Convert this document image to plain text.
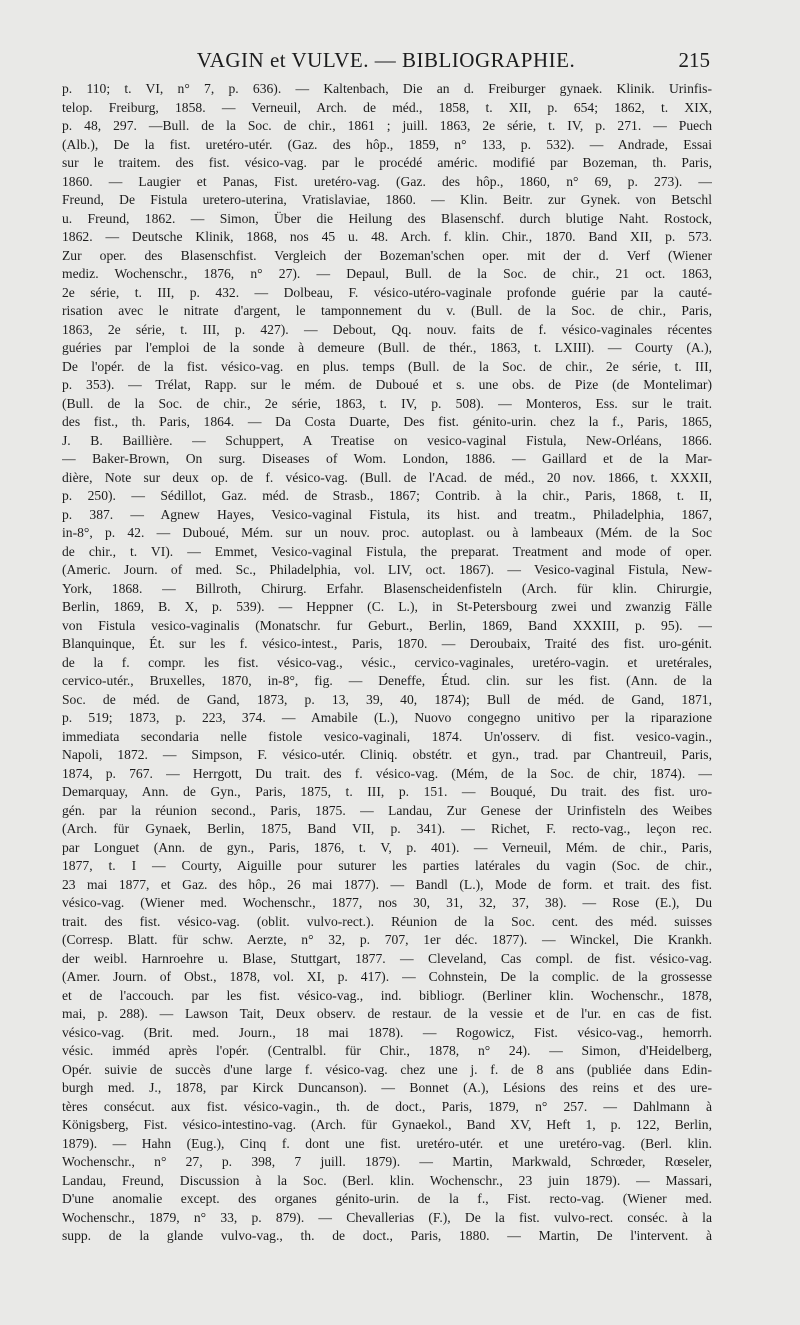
VAGIN et VULVE. — BIBLIOGRAPHIE.	215
p. 110; t. VI, n° 7, p. 636). — Kaltenbach, Die an d. Freiburger gynaek. Klinik. Urinfis-
telop. Freiburg, 1858. — Verneuil, Arch. de méd., 1858, t. XII, p. 654; 1862, t. XIX,
p. 48, 297. —Bull. de la Soc. de chir., 1861 ; juill. 1863, 2e série, t. IV, p. 271. — Puech
(Alb.), De la fist. uretéro-utér. (Gaz. des hôp., 1859, n° 133, p. 532). — Andrade, Essai
sur le traitem. des fist. vésico-vag. par le procédé améric. modifié par Bozeman, th. Paris,
1860. — Laugier et Panas, Fist. uretéro-vag. (Gaz. des hôp., 1860, n° 69, p. 273). —
Freund, De Fistula uretero-uterina, Vratislaviae, 1860. — Klin. Beitr. zur Gynek. von Betschl
u. Freund, 1862. — Simon, Über die Heilung des Blasenschf. durch blutige Naht. Rostock,
1862. — Deutsche Klinik, 1868, nos 45 u. 48. Arch. f. klin. Chir., 1870. Band XII, p. 573.
Zur oper. des Blasenschfist. Vergleich der Bozeman'schen oper. mit der d. Verf (Wiener
mediz. Wochenschr., 1876, n° 27). — Depaul, Bull. de la Soc. de chir., 21 oct. 1863,
2e série, t. III, p. 432. — Dolbeau, F. vésico-utéro-vaginale profonde guérie par la cauté-
risation avec le nitrate d'argent, le tamponnement du v. (Bull. de la Soc. de chir., Paris,
1863, 2e série, t. III, p. 427). — Debout, Qq. nouv. faits de f. vésico-vaginales récentes
guéries par l'emploi de la sonde à demeure (Bull. de thér., 1863, t. LXIII). — Courty (A.),
De l'opér. de la fist. vésico-vag. en plus. temps (Bull. de la Soc. de chir., 2e série, t. III,
p. 353). — Trélat, Rapp. sur le mém. de Duboué et s. une obs. de Pize (de Montelimar)
(Bull. de la Soc. de chir., 2e série, 1863, t. IV, p. 508). — Monteros, Ess. sur le trait.
des fist., th. Paris, 1864. — Da Costa Duarte, Des fist. génito-urin. chez la f., Paris, 1865,
J. B. Baillière. — Schuppert, A Treatise on vesico-vaginal Fistula, New-Orléans, 1866.
— Baker-Brown, On surg. Diseases of Wom. London, 1886. — Gaillard et de la Mar-
dière, Note sur deux op. de f. vésico-vag. (Bull. de l'Acad. de méd., 20 nov. 1866, t. XXXII,
p. 250). — Sédillot, Gaz. méd. de Strasb., 1867; Contrib. à la chir., Paris, 1868, t. II,
p. 387. — Agnew Hayes, Vesico-vaginal Fistula, its hist. and treatm., Philadelphia, 1867,
in-8°, p. 42. — Duboué, Mém. sur un nouv. proc. autoplast. ou à lambeaux (Mém. de la Soc
de chir., t. VI). — Emmet, Vesico-vaginal Fistula, the preparat. Treatment and mode of oper.
(Americ. Journ. of med. Sc., Philadelphia, vol. LIV, oct. 1867). — Vesico-vaginal Fistula, New-
York, 1868. — Billroth, Chirurg. Erfahr. Blasenscheidenfisteln (Arch. für klin. Chirurgie,
Berlin, 1869, B. X, p. 539). — Heppner (C. L.), in St-Petersbourg zwei und zwanzig Fälle
von Fistula vesico-vaginalis (Monatschr. fur Geburt., Berlin, 1869, Band XXXIII, p. 95). —
Blanquinque, Ét. sur les f. vésico-intest., Paris, 1870. — Deroubaix, Traité des fist. uro-génit.
de la f. compr. les fist. vésico-vag., vésic., cervico-vaginales, uretéro-vagin. et uretérales,
cervico-utér., Bruxelles, 1870, in-8°, fig. — Deneffe, Étud. clin. sur les fist. (Ann. de la
Soc. de méd. de Gand, 1873, p. 13, 39, 40, 1874); Bull de méd. de Gand, 1871,
p. 519; 1873, p. 223, 374. — Amabile (L.), Nuovo congegno unitivo per la riparazione
immediata secondaria nelle fistole vesico-vaginali, 1874. Un'osserv. di fist. vesico-vagin.,
Napoli, 1872. — Simpson, F. vésico-utér. Cliniq. obstétr. et gyn., trad. par Chantreuil, Paris,
1874, p. 767. — Herrgott, Du trait. des f. vésico-vag. (Mém, de la Soc. de chir, 1874). —
Demarquay, Ann. de Gyn., Paris, 1875, t. III, p. 151. — Bouqué, Du trait. des fist. uro-
gén. par la réunion second., Paris, 1875. — Landau, Zur Genese der Urinfisteln des Weibes
(Arch. für Gynaek, Berlin, 1875, Band VII, p. 341). — Richet, F. recto-vag., leçon rec.
par Longuet (Ann. de gyn., Paris, 1876, t. V, p. 401). — Verneuil, Mém. de chir., Paris,
1877, t. I — Courty, Aiguille pour suturer les parties latérales du vagin (Soc. de chir.,
23 mai 1877, et Gaz. des hôp., 26 mai 1877). — Bandl (L.), Mode de form. et trait. des fist.
vésico-vag. (Wiener med. Wochenschr., 1877, nos 30, 31, 32, 37, 38). — Rose (E.), Du
trait. des fist. vésico-vag. (oblit. vulvo-rect.). Réunion de la Soc. cent. des méd. suisses
(Corresp. Blatt. für schw. Aerzte, n° 32, p. 707, 1er déc. 1877). — Winckel, Die Krankh.
der weibl. Harnroehre u. Blase, Stuttgart, 1877. — Cleveland, Cas compl. de fist. vésico-vag.
(Amer. Journ. of Obst., 1878, vol. XI, p. 417). — Cohnstein, De la complic. de la grossesse
et de l'accouch. par les fist. vésico-vag., ind. bibliogr. (Berliner klin. Wochenschr., 1878,
mai, p. 288). — Lawson Tait, Deux observ. de restaur. de la vessie et de l'ur. en cas de fist.
vésico-vag. (Brit. med. Journ., 18 mai 1878). — Rogowicz, Fist. vésico-vag., hemorrh.
vésic. imméd après l'opér. (Centralbl. für Chir., 1878, n° 24). — Simon, d'Heidelberg,
Opér. suivie de succès d'une large f. vésico-vag. chez une j. f. de 8 ans (publiée dans Edin-
burgh med. J., 1878, par Kirck Duncanson). — Bonnet (A.), Lésions des reins et des ure-
tères consécut. aux fist. vésico-vagin., th. de doct., Paris, 1879, n° 257. — Dahlmann à
Königsberg, Fist. vésico-intestino-vag. (Arch. für Gynaekol., Band XV, Heft 1, p. 122, Berlin,
1879). — Hahn (Eug.), Cinq f. dont une fist. uretéro-utér. et une uretéro-vag. (Berl. klin.
Wochenschr., n° 27, p. 398, 7 juill. 1879). — Martin, Markwald, Schrœder, Rœseler,
Landau, Freund, Discussion à la Soc. (Berl. klin. Wochenschr., 23 juin 1879). — Massari,
D'une anomalie except. des organes génito-urin. de la f., Fist. recto-vag. (Wiener med.
Wochenschr., 1879, n° 33, p. 879). — Chevallerias (F.), De la fist. vulvo-rect. conséc. à la
supp. de la glande vulvo-vag., th. de doct., Paris, 1880. — Martin, De l'intervent. à
